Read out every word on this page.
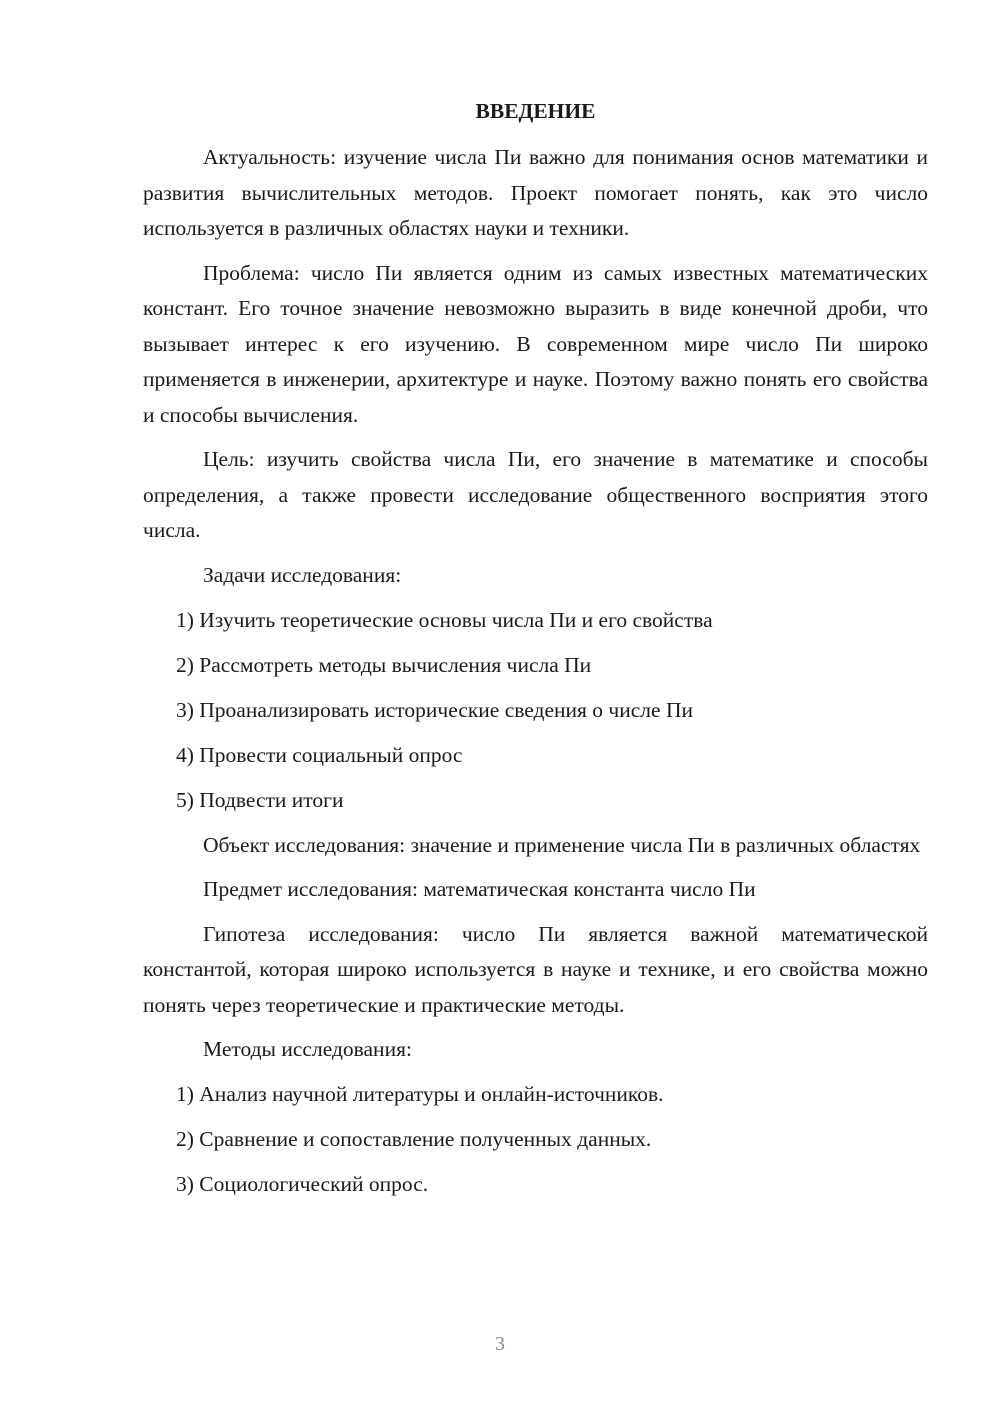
ВВЕДЕНИЕ

Актуальность: изучение числа Пи важно для понимания основ математики и развития вычислительных методов. Проект помогает понять, как это число используется в различных областях науки и техники.

Проблема: число Пи является одним из самых известных математических констант. Его точное значение невозможно выразить в виде конечной дроби, что вызывает интерес к его изучению. В современном мире число Пи широко применяется в инженерии, архитектуре и науке. Поэтому важно понять его свойства и способы вычисления.

Цель: изучить свойства числа Пи, его значение в математике и способы определения, а также провести исследование общественного восприятия этого числа.

Задачи исследования:

1) Изучить теоретические основы числа Пи и его свойства

2) Рассмотреть методы вычисления числа Пи

3) Проанализировать исторические сведения о числе Пи

4) Провести социальный опрос

5) Подвести итоги

Объект исследования: значение и применение числа Пи в различных областях

Предмет исследования: математическая константа число Пи

Гипотеза исследования: число Пи является важной математической константой, которая широко используется в науке и технике, и его свойства можно понять через теоретические и практические методы.

Методы исследования:

1) Анализ научной литературы и онлайн-источников.

2) Сравнение и сопоставление полученных данных.

3) Социологический опрос.

3
